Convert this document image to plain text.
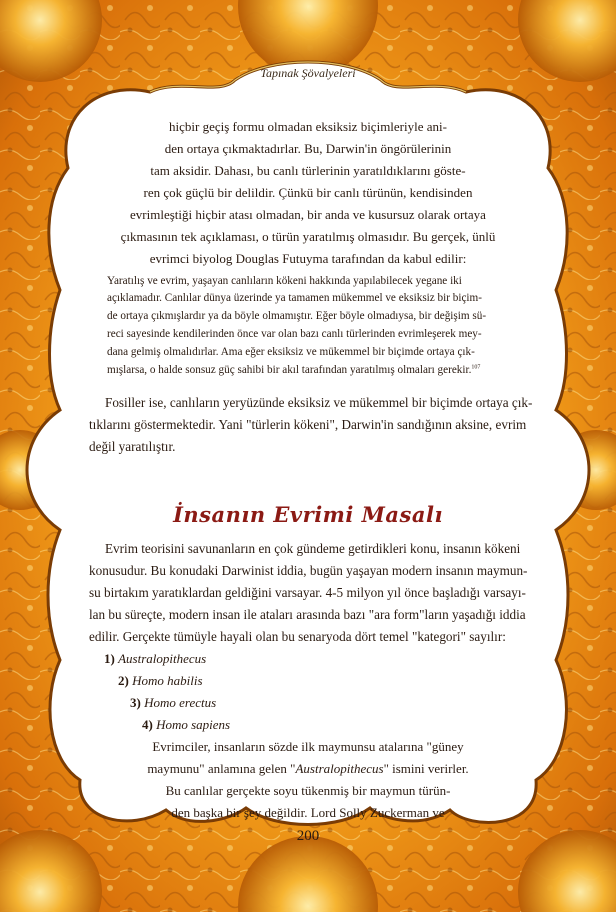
Tapınak Şövalyeleri
hiçbir geçiş formu olmadan eksiksiz biçimleriyle ani-
den ortaya çıkmaktadırlar. Bu, Darwin'in öngörülerinin
tam aksidir. Dahası, bu canlı türlerinin yaratıldıklarını göste-
ren çok güçlü bir delildir. Çünkü bir canlı türünün, kendisinden
evrimleştiği hiçbir atası olmadan, bir anda ve kusursuz olarak ortaya
çıkmasının tek açıklaması, o türün yaratılmış olmasıdır. Bu gerçek, ünlü
evrimci biyolog Douglas Futuyma tarafından da kabul edilir:
Yaratılış ve evrim, yaşayan canlıların kökeni hakkında yapılabilecek yegane iki
açıklamadır. Canlılar dünya üzerinde ya tamamen mükemmel ve eksiksiz bir biçim-
de ortaya çıkmışlardır ya da böyle olmamıştır. Eğer böyle olmadıysa, bir değişim sü-
reci sayesinde kendilerinden önce var olan bazı canlı türlerinden evrimleşerek mey-
dana gelmiş olmalıdırlar. Ama eğer eksiksiz ve mükemmel bir biçimde ortaya çık-
mışlarsa, o halde sonsuz güç sahibi bir akıl tarafından yaratılmış olmaları gerekir.$^{107}$
Fosiller ise, canlıların yeryüzünde eksiksiz ve mükemmel bir biçimde ortaya çık-
tıklarını göstermektedir. Yani "türlerin kökeni", Darwin'in sandığının aksine, evrim
değil yaratılıştır.
İnsanın Evrimi Masalı
Evrim teorisini savunanların en çok gündeme getirdikleri konu, insanın kökeni
konusudur. Bu konudaki Darwinist iddia, bugün yaşayan modern insanın maymun-
su birtakım yaratıklardan geldiğini varsayar. 4-5 milyon yıl önce başladığı varsayı-
lan bu süreçte, modern insan ile ataları arasında bazı "ara form"ların yaşadığı iddia
edilir. Gerçekte tümüyle hayali olan bu senaryoda dört temel "kategori" sayılır:
1) Australopithecus
2) Homo habilis
3) Homo erectus
4) Homo sapiens
Evrimciler, insanların sözde ilk maymunsu atalarına "güney
maymunu" anlamına gelen "Australopithecus" ismini verirler.
Bu canlılar gerçekte soyu tükenmiş bir maymun türün-
den başka bir şey değildir. Lord Solly Zuckerman ve
200
